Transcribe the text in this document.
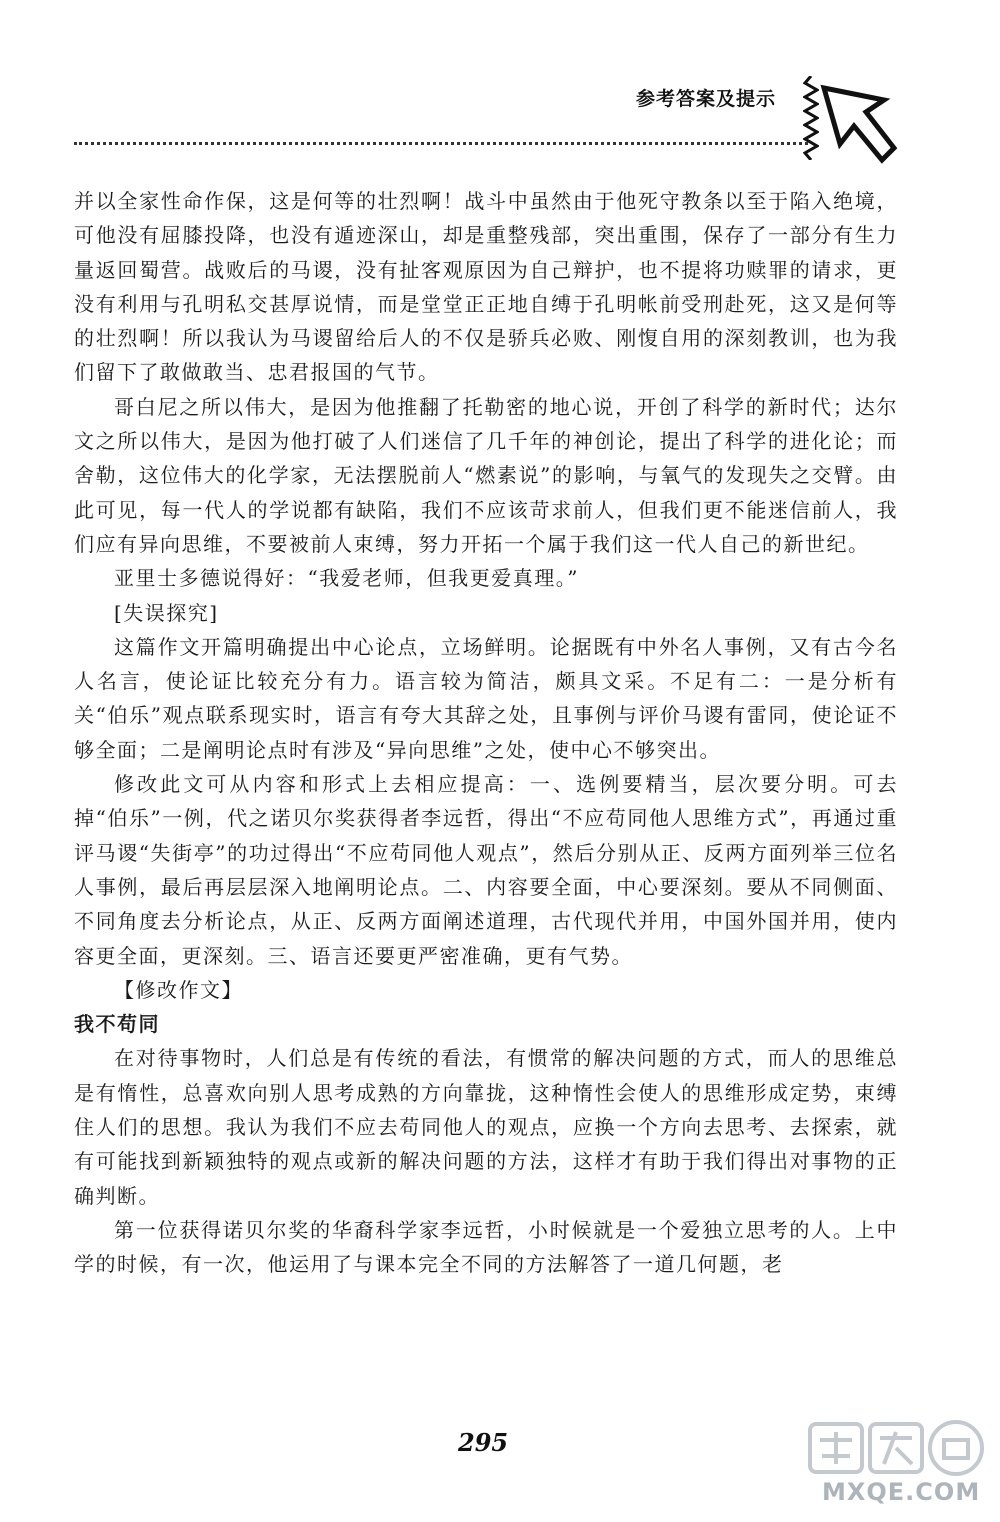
参考答案及提示

并以全家性命作保，这是何等的壮烈啊！战斗中虽然由于他死守教条以至于陷入绝境，可他没有屈膝投降，也没有遁迹深山，却是重整残部，突出重围，保存了一部分有生力量返回蜀营。战败后的马谡，没有扯客观原因为自己辩护，也不提将功赎罪的请求，更没有利用与孔明私交甚厚说情，而是堂堂正正地自缚于孔明帐前受刑赴死，这又是何等的壮烈啊！所以我认为马谡留给后人的不仅是骄兵必败、刚愎自用的深刻教训，也为我们留下了敢做敢当、忠君报国的气节。

哥白尼之所以伟大，是因为他推翻了托勒密的地心说，开创了科学的新时代；达尔文之所以伟大，是因为他打破了人们迷信了几千年的神创论，提出了科学的进化论；而舍勒，这位伟大的化学家，无法摆脱前人“燃素说”的影响，与氧气的发现失之交臂。由此可见，每一代人的学说都有缺陷，我们不应该苛求前人，但我们更不能迷信前人，我们应有异向思维，不要被前人束缚，努力开拓一个属于我们这一代人自己的新世纪。

亚里士多德说得好：“我爱老师，但我更爱真理。”

[失误探究]

这篇作文开篇明确提出中心论点，立场鲜明。论据既有中外名人事例，又有古今名人名言，使论证比较充分有力。语言较为简洁，颇具文采。不足有二：一是分析有关“伯乐”观点联系现实时，语言有夸大其辞之处，且事例与评价马谡有雷同，使论证不够全面；二是阐明论点时有涉及“异向思维”之处，使中心不够突出。

修改此文可从内容和形式上去相应提高：一、选例要精当，层次要分明。可去掉“伯乐”一例，代之诺贝尔奖获得者李远哲，得出“不应苟同他人思维方式”，再通过重评马谡“失街亭”的功过得出“不应苟同他人观点”，然后分别从正、反两方面列举三位名人事例，最后再层层深入地阐明论点。二、内容要全面，中心要深刻。要从不同侧面、不同角度去分析论点，从正、反两方面阐述道理，古代现代并用，中国外国并用，使内容更全面，更深刻。三、语言还要更严密准确，更有气势。

【修改作文】

我不苟同

在对待事物时，人们总是有传统的看法，有惯常的解决问题的方式，而人的思维总是有惰性，总喜欢向别人思考成熟的方向靠拢，这种惰性会使人的思维形成定势，束缚住人们的思想。我认为我们不应去苟同他人的观点，应换一个方向去思考、去探索，就有可能找到新颖独特的观点或新的解决问题的方法，这样才有助于我们得出对事物的正确判断。

第一位获得诺贝尔奖的华裔科学家李远哲，小时候就是一个爱独立思考的人。上中学的时候，有一次，他运用了与课本完全不同的方法解答了一道几何题，老

295
MXQE.COM
